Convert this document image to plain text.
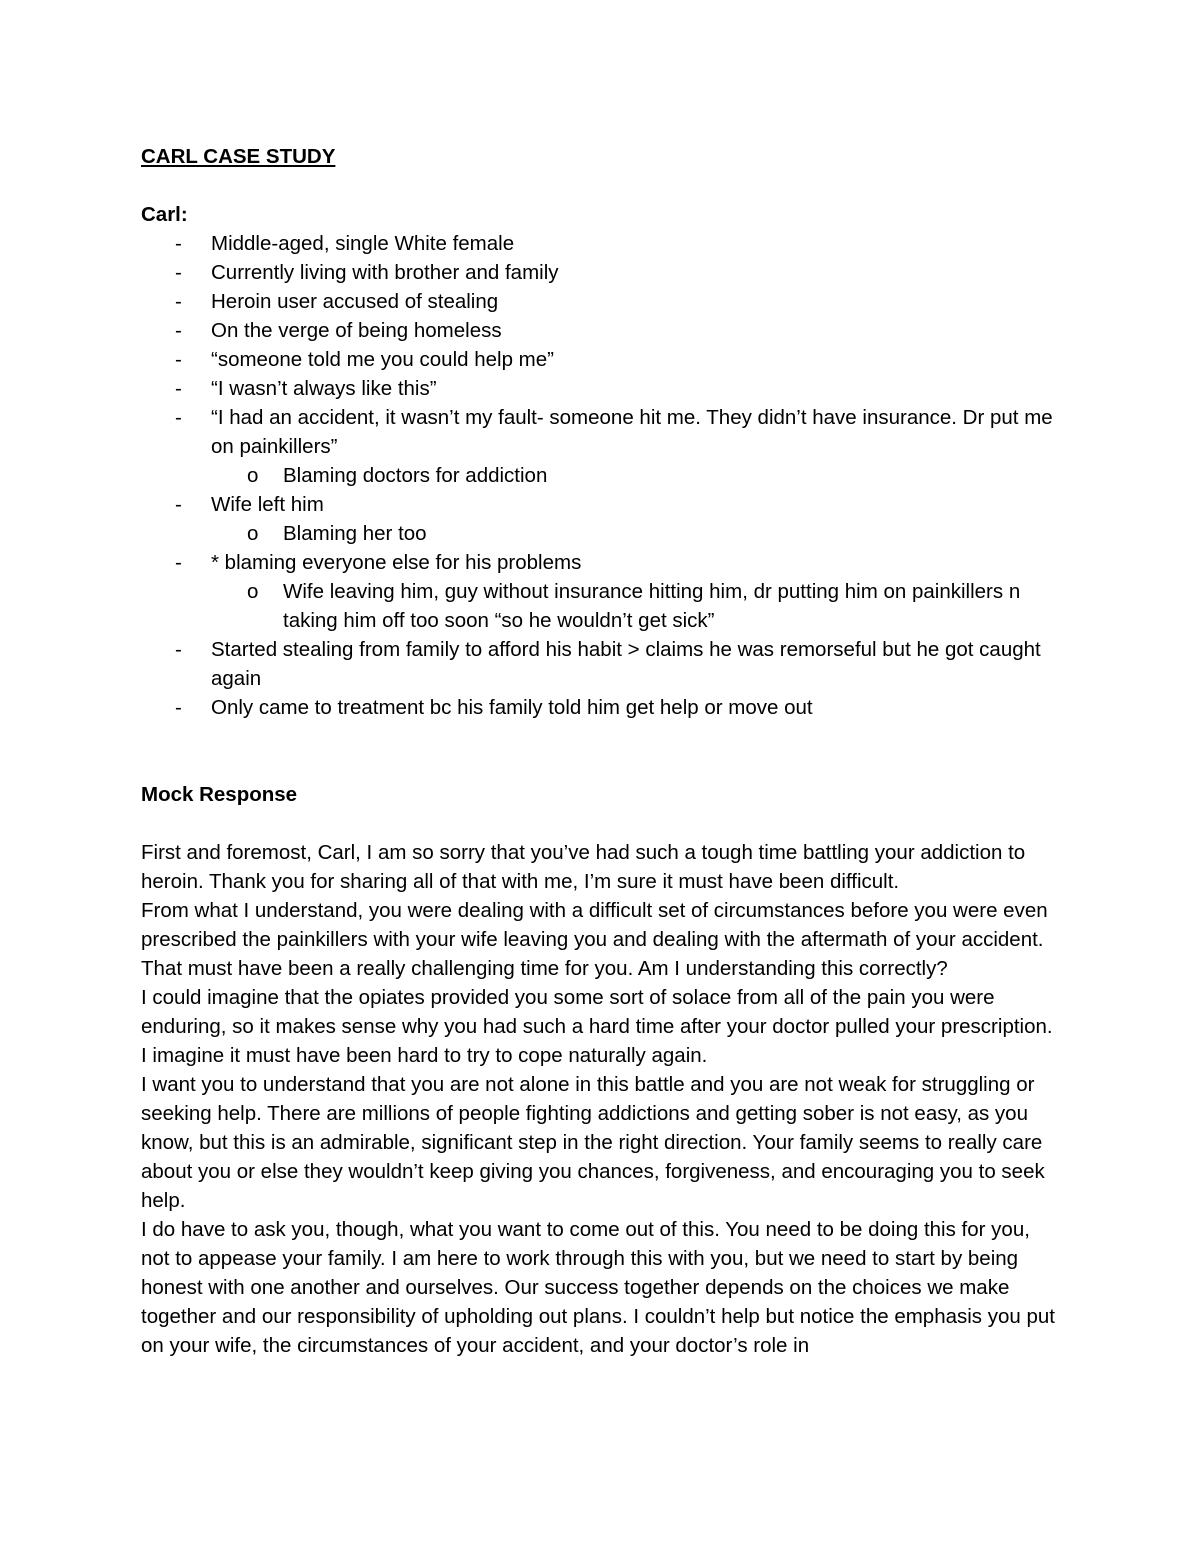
CARL CASE STUDY

Carl:

- Middle-aged, single White female
- Currently living with brother and family
- Heroin user accused of stealing
- On the verge of being homeless
- “someone told me you could help me”
- “I wasn’t always like this”
- “I had an accident, it wasn’t my fault- someone hit me. They didn’t have insurance. Dr put me on painkillers”
o Blaming doctors for addiction
- Wife left him
o Blaming her too
- * blaming everyone else for his problems
o Wife leaving him, guy without insurance hitting him, dr putting him on painkillers n taking him off too soon “so he wouldn’t get sick”
- Started stealing from family to afford his habit > claims he was remorseful but he got caught again
- Only came to treatment bc his family told him get help or move out

Mock Response

First and foremost, Carl, I am so sorry that you’ve had such a tough time battling your addiction to heroin. Thank you for sharing all of that with me, I’m sure it must have been difficult.

From what I understand, you were dealing with a difficult set of circumstances before you were even prescribed the painkillers with your wife leaving you and dealing with the aftermath of your accident. That must have been a really challenging time for you. Am I understanding this correctly?

I could imagine that the opiates provided you some sort of solace from all of the pain you were enduring, so it makes sense why you had such a hard time after your doctor pulled your prescription. I imagine it must have been hard to try to cope naturally again.

I want you to understand that you are not alone in this battle and you are not weak for struggling or seeking help. There are millions of people fighting addictions and getting sober is not easy, as you know, but this is an admirable, significant step in the right direction. Your family seems to really care about you or else they wouldn’t keep giving you chances, forgiveness, and encouraging you to seek help.

I do have to ask you, though, what you want to come out of this. You need to be doing this for you, not to appease your family. I am here to work through this with you, but we need to start by being honest with one another and ourselves. Our success together depends on the choices we make together and our responsibility of upholding out plans. I couldn’t help but notice the emphasis you put on your wife, the circumstances of your accident, and your doctor’s role in
